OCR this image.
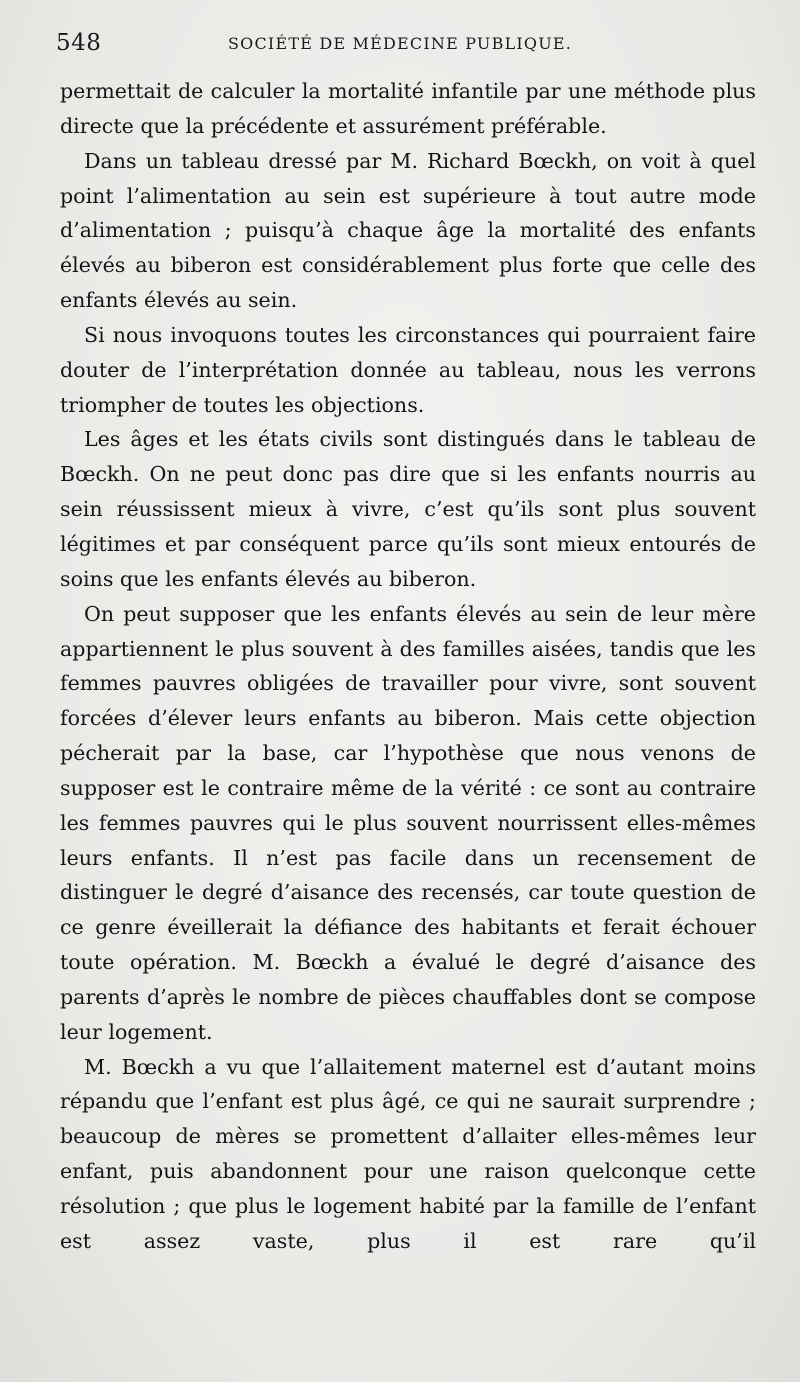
548	SOCIÉTÉ DE MÉDECINE PUBLIQUE.

permettait de calculer la mortalité infantile par une méthode plus directe que la précédente et assurément préférable.

Dans un tableau dressé par M. Richard Bœckh, on voit à quel point l’alimentation au sein est supérieure à tout autre mode d’alimentation ; puisqu’à chaque âge la mortalité des enfants élevés au biberon est considérablement plus forte que celle des enfants élevés au sein.

Si nous invoquons toutes les circonstances qui pourraient faire douter de l’interprétation donnée au tableau, nous les verrons triompher de toutes les objections.

Les âges et les états civils sont distingués dans le tableau de Bœckh. On ne peut donc pas dire que si les enfants nourris au sein réussissent mieux à vivre, c’est qu’ils sont plus souvent légitimes et par conséquent parce qu’ils sont mieux entourés de soins que les enfants élevés au biberon.

On peut supposer que les enfants élevés au sein de leur mère appartiennent le plus souvent à des familles aisées, tandis que les femmes pauvres obligées de travailler pour vivre, sont souvent forcées d’élever leurs enfants au biberon. Mais cette objection pécherait par la base, car l’hypothèse que nous venons de supposer est le contraire même de la vérité : ce sont au contraire les femmes pauvres qui le plus souvent nourrissent elles-mêmes leurs enfants. Il n’est pas facile dans un recensement de distinguer le degré d’aisance des recensés, car toute question de ce genre éveillerait la défiance des habitants et ferait échouer toute opération. M. Bœckh a évalué le degré d’aisance des parents d’après le nombre de pièces chauffables dont se compose leur logement.

M. Bœckh a vu que l’allaitement maternel est d’autant moins répandu que l’enfant est plus âgé, ce qui ne saurait surprendre ; beaucoup de mères se promettent d’allaiter elles-mêmes leur enfant, puis abandonnent pour une raison quelconque cette résolution ; que plus le logement habité par la famille de l’enfant est assez vaste, plus il est rare qu’il
